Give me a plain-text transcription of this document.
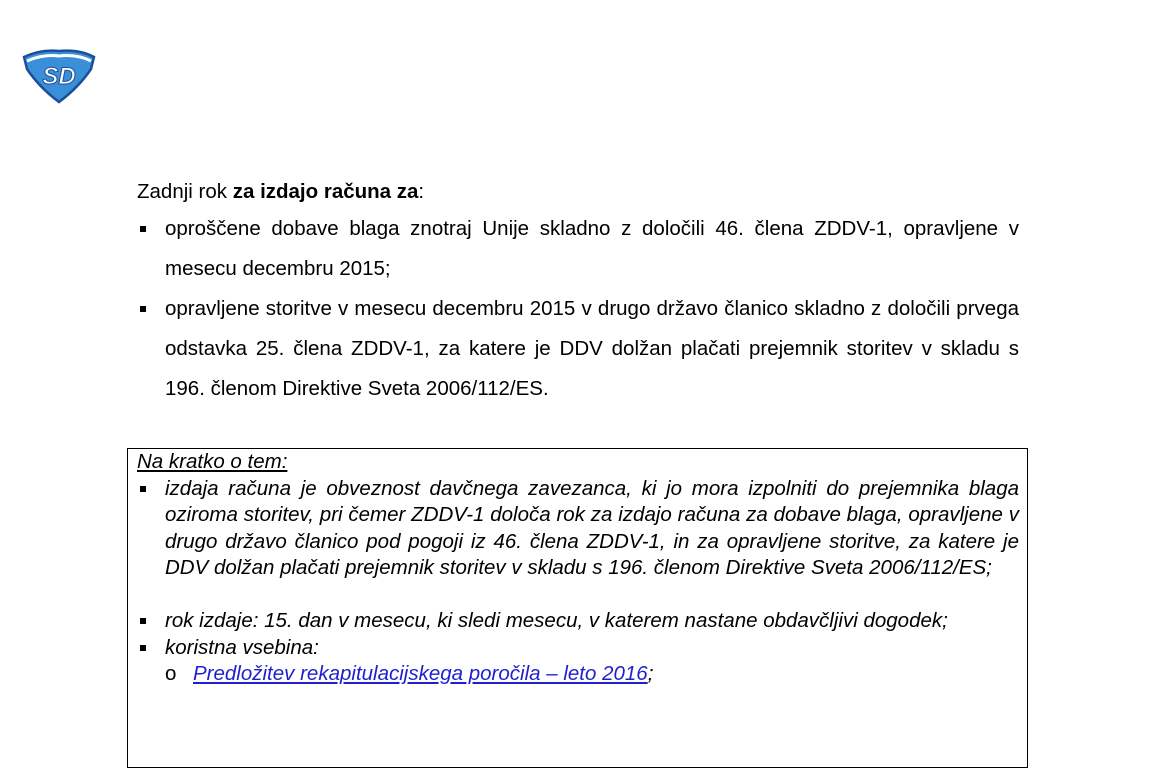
SD

Zadnji rok za izdajo računa za:

oproščene dobave blaga znotraj Unije skladno z določili 46. člena ZDDV-1, opravljene v mesecu decembru 2015;
opravljene storitve v mesecu decembru 2015 v drugo državo članico skladno z določili prvega odstavka 25. člena ZDDV-1, za katere je DDV dolžan plačati prejemnik storitev v skladu s 196. členom Direktive Sveta 2006/112/ES.

Na kratko o tem:

izdaja računa je obveznost davčnega zavezanca, ki jo mora izpolniti do prejemnika blaga oziroma storitev, pri čemer ZDDV-1 določa rok za izdajo računa za dobave blaga, opravljene v drugo državo članico pod pogoji iz 46. člena ZDDV-1, in za opravljene storitve, za katere je DDV dolžan plačati prejemnik storitev v skladu s 196. členom Direktive Sveta 2006/112/ES;
rok izdaje: 15. dan v mesecu, ki sledi mesecu, v katerem nastane obdavčljivi dogodek;
koristna vsebina:
o Predložitev rekapitulacijskega poročila – leto 2016;
